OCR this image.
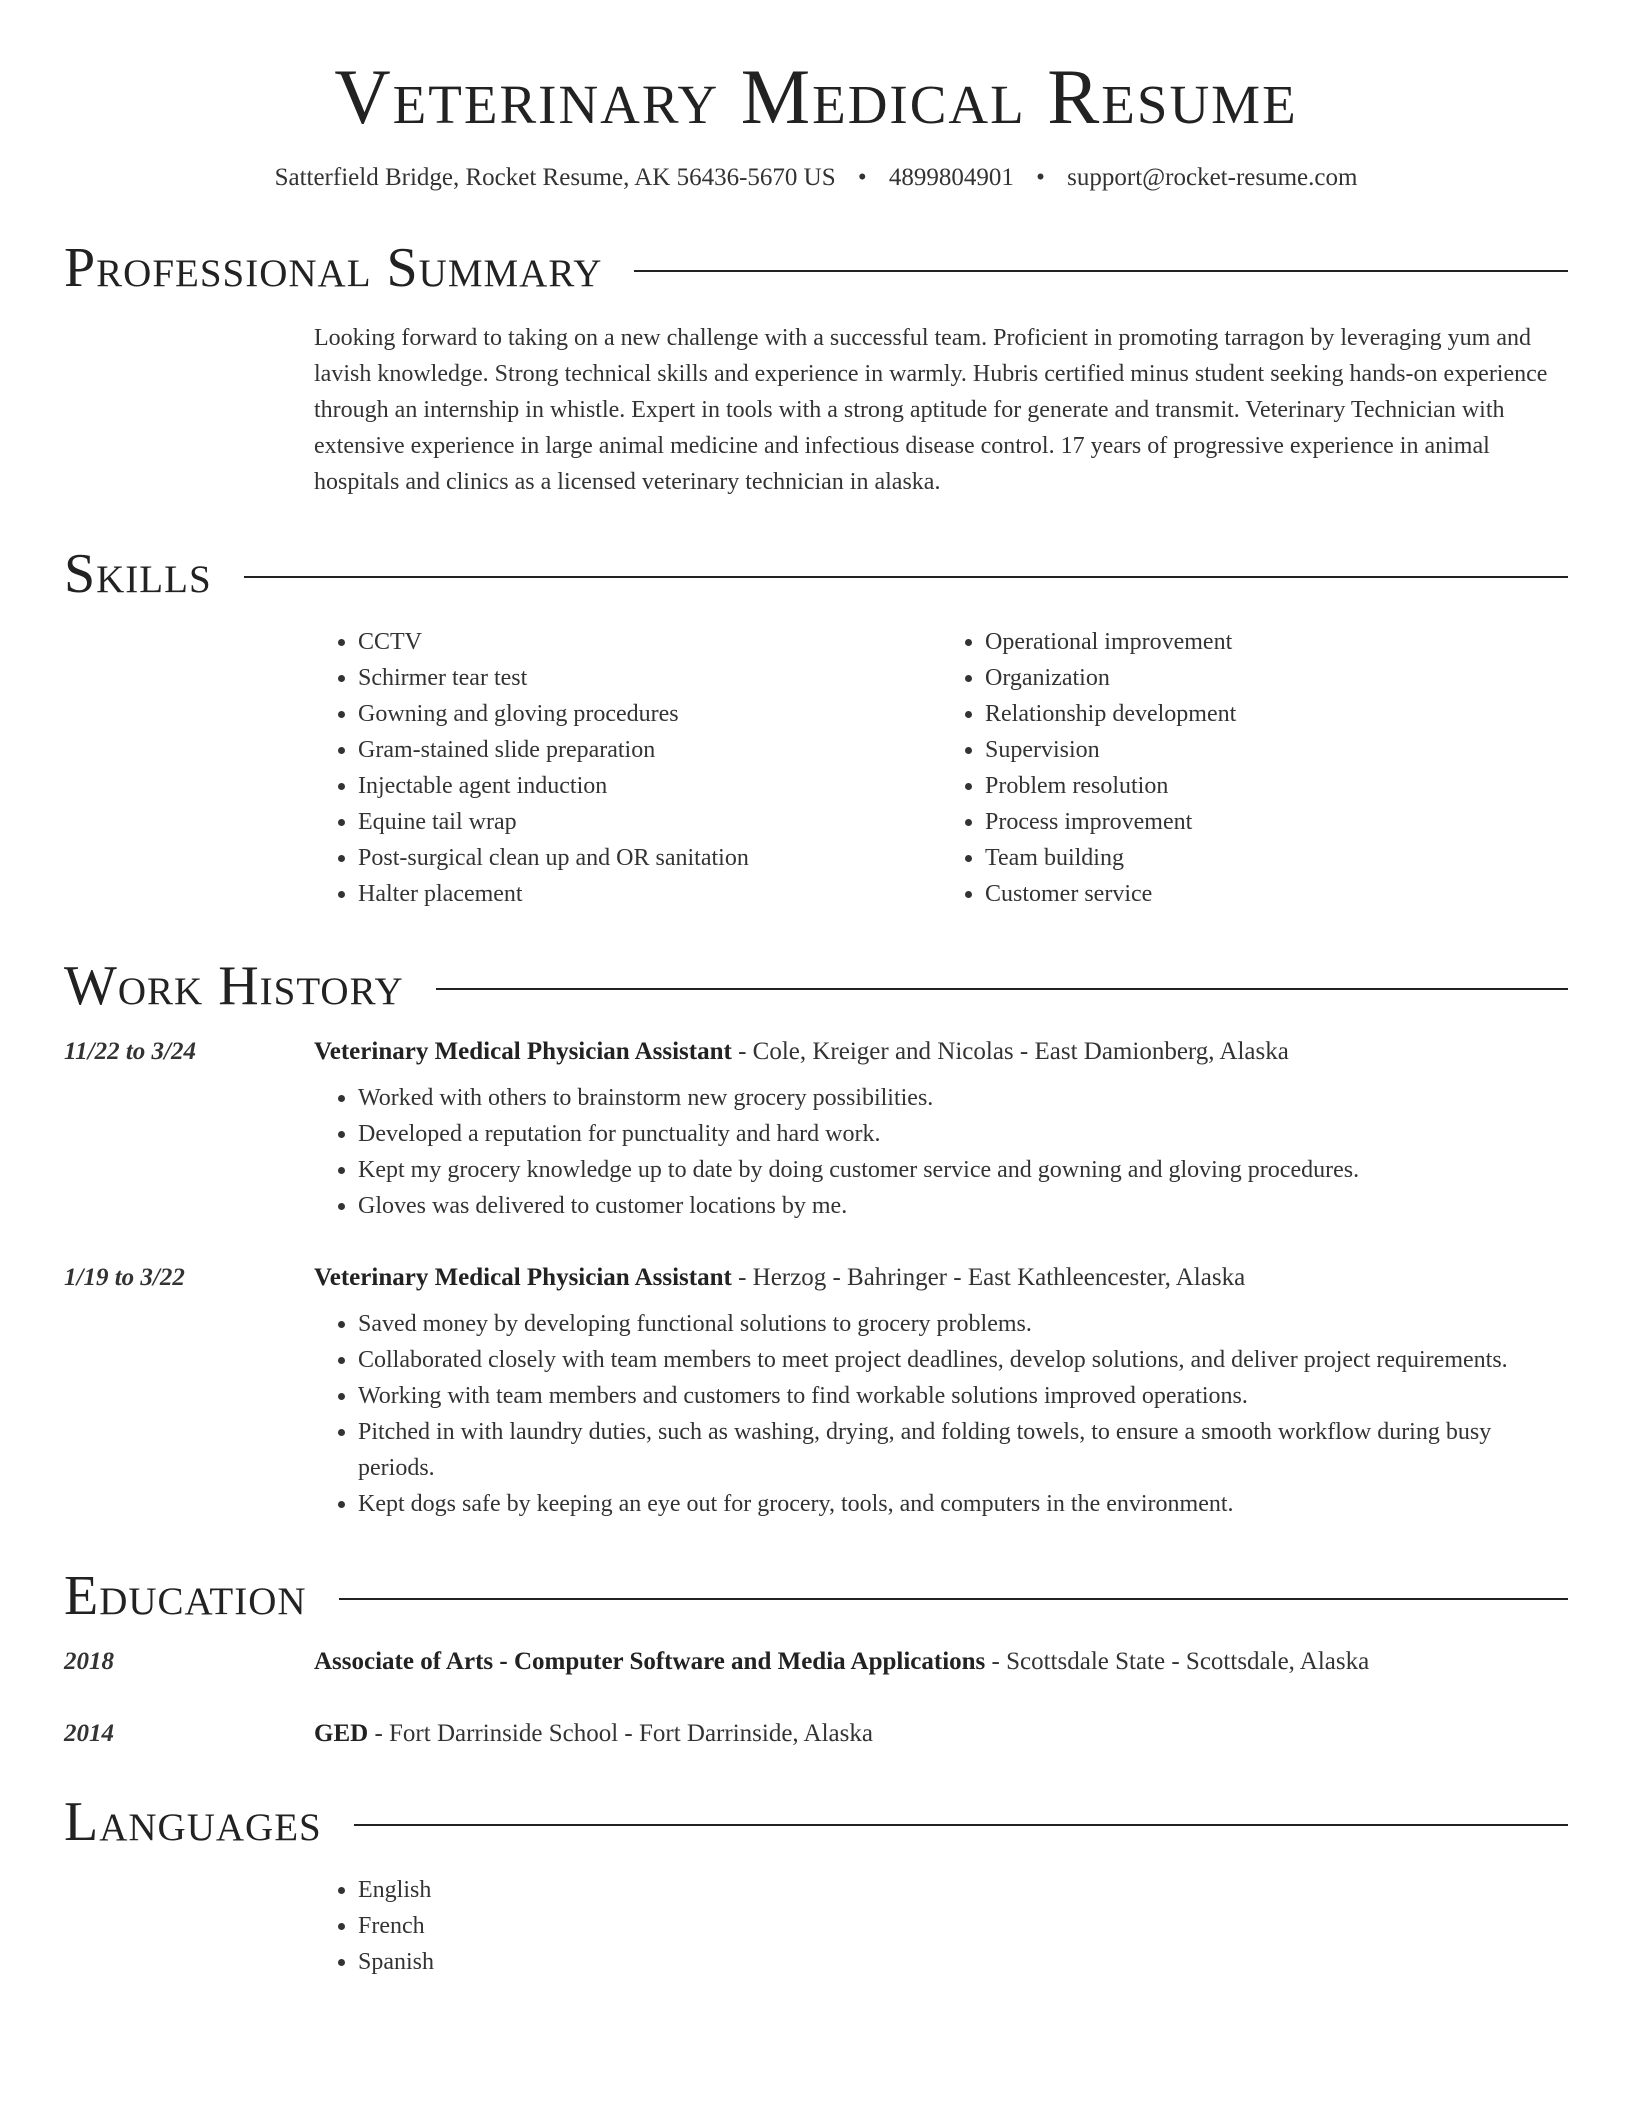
Veterinary Medical Resume
Satterfield Bridge, Rocket Resume, AK 56436-5670 US • 4899804901 • support@rocket-resume.com
Professional Summary

Looking forward to taking on a new challenge with a successful team. Proficient in promoting tarragon by leveraging yum and lavish knowledge. Strong technical skills and experience in warmly. Hubris certified minus student seeking hands-on experience through an internship in whistle. Expert in tools with a strong aptitude for generate and transmit. Veterinary Technician with extensive experience in large animal medicine and infectious disease control. 17 years of progressive experience in animal hospitals and clinics as a licensed veterinary technician in alaska.

Skills
• CCTV
• Schirmer tear test
• Gowning and gloving procedures
• Gram-stained slide preparation
• Injectable agent induction
• Equine tail wrap
• Post-surgical clean up and OR sanitation
• Halter placement
• Operational improvement
• Organization
• Relationship development
• Supervision
• Problem resolution
• Process improvement
• Team building
• Customer service
Work History
11/22 to 3/24	Veterinary Medical Physician Assistant - Cole, Kreiger and Nicolas - East Damionberg, Alaska
• Worked with others to brainstorm new grocery possibilities.
• Developed a reputation for punctuality and hard work.
• Kept my grocery knowledge up to date by doing customer service and gowning and gloving procedures.
• Gloves was delivered to customer locations by me.
1/19 to 3/22	Veterinary Medical Physician Assistant - Herzog - Bahringer - East Kathleencester, Alaska
• Saved money by developing functional solutions to grocery problems.
• Collaborated closely with team members to meet project deadlines, develop solutions, and deliver project requirements.
• Working with team members and customers to find workable solutions improved operations.
• Pitched in with laundry duties, such as washing, drying, and folding towels, to ensure a smooth workflow during busy periods.
• Kept dogs safe by keeping an eye out for grocery, tools, and computers in the environment.
Education
2018	Associate of Arts - Computer Software and Media Applications - Scottsdale State - Scottsdale, Alaska
2014	GED - Fort Darrinside School - Fort Darrinside, Alaska
Languages
• English
• French
• Spanish
